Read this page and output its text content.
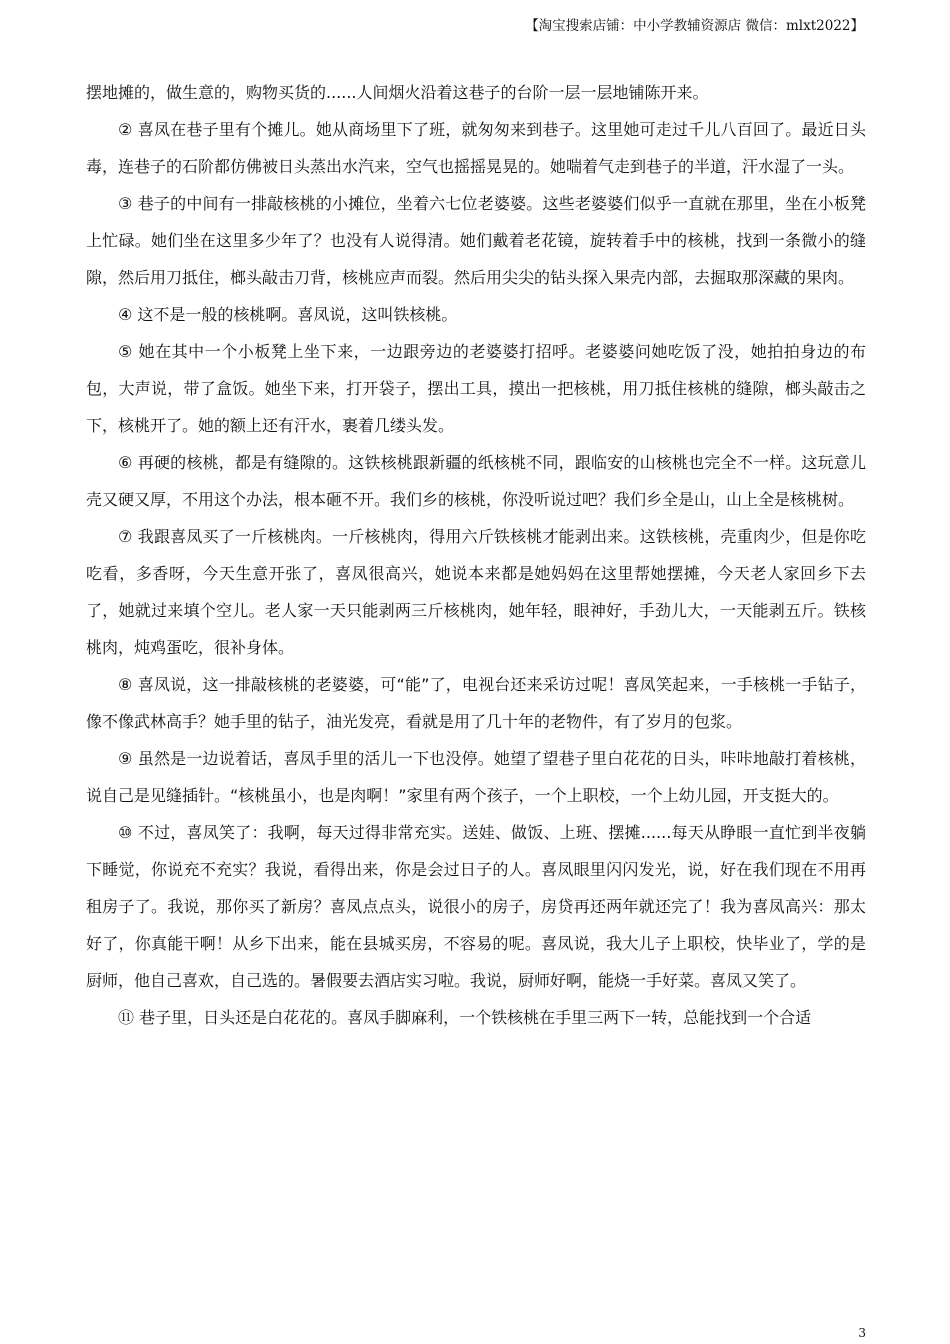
【淘宝搜索店铺：中小学教辅资源店 微信：mlxt2022】

摆地摊的，做生意的，购物买货的......人间烟火沿着这巷子的台阶一层一层地铺陈开来。

② 喜凤在巷子里有个摊儿。她从商场里下了班，就匆匆来到巷子。这里她可走过千儿八百回了。最近日头毒，连巷子的石阶都仿佛被日头蒸出水汽来，空气也摇摇晃晃的。她喘着气走到巷子的半道，汗水湿了一头。

③ 巷子的中间有一排敲核桃的小摊位，坐着六七位老婆婆。这些老婆婆们似乎一直就在那里，坐在小板凳上忙碌。她们坐在这里多少年了？也没有人说得清。她们戴着老花镜，旋转着手中的核桃，找到一条微小的缝隙，然后用刀抵住，榔头敲击刀背，核桃应声而裂。然后用尖尖的钻头探入果壳内部，去掘取那深藏的果肉。

④ 这不是一般的核桃啊。喜凤说，这叫铁核桃。

⑤ 她在其中一个小板凳上坐下来，一边跟旁边的老婆婆打招呼。老婆婆问她吃饭了没，她拍拍身边的布包，大声说，带了盒饭。她坐下来，打开袋子，摆出工具，摸出一把核桃，用刀抵住核桃的缝隙，榔头敲击之下，核桃开了。她的额上还有汗水，裹着几缕头发。

⑥ 再硬的核桃，都是有缝隙的。这铁核桃跟新疆的纸核桃不同，跟临安的山核桃也完全不一样。这玩意儿壳又硬又厚，不用这个办法，根本砸不开。我们乡的核桃，你没听说过吧？我们乡全是山，山上全是核桃树。

⑦ 我跟喜凤买了一斤核桃肉。一斤核桃肉，得用六斤铁核桃才能剥出来。这铁核桃，壳重肉少，但是你吃吃看，多香呀，今天生意开张了，喜凤很高兴，她说本来都是她妈妈在这里帮她摆摊，今天老人家回乡下去了，她就过来填个空儿。老人家一天只能剥两三斤核桃肉，她年轻，眼神好，手劲儿大，一天能剥五斤。铁核桃肉，炖鸡蛋吃，很补身体。

⑧ 喜凤说，这一排敲核桃的老婆婆，可“能”了，电视台还来采访过呢！喜凤笑起来，一手核桃一手钻子，像不像武林高手？她手里的钻子，油光发亮，看就是用了几十年的老物件，有了岁月的包浆。

⑨ 虽然是一边说着话，喜凤手里的活儿一下也没停。她望了望巷子里白花花的日头，咔咔地敲打着核桃，说自己是见缝插针。“核桃虽小，也是肉啊！”家里有两个孩子，一个上职校，一个上幼儿园，开支挺大的。

⑩ 不过，喜凤笑了：我啊，每天过得非常充实。送娃、做饭、上班、摆摊......每天从睁眼一直忙到半夜躺下睡觉，你说充不充实？我说，看得出来，你是会过日子的人。喜凤眼里闪闪发光，说，好在我们现在不用再租房子了。我说，那你买了新房？喜凤点点头，说很小的房子，房贷再还两年就还完了！我为喜凤高兴：那太好了，你真能干啊！从乡下出来，能在县城买房，不容易的呢。喜凤说，我大儿子上职校，快毕业了，学的是厨师，他自己喜欢，自己选的。暑假要去酒店实习啦。我说，厨师好啊，能烧一手好菜。喜凤又笑了。

⑪ 巷子里，日头还是白花花的。喜凤手脚麻利，一个铁核桃在手里三两下一转，总能找到一个合适

3
